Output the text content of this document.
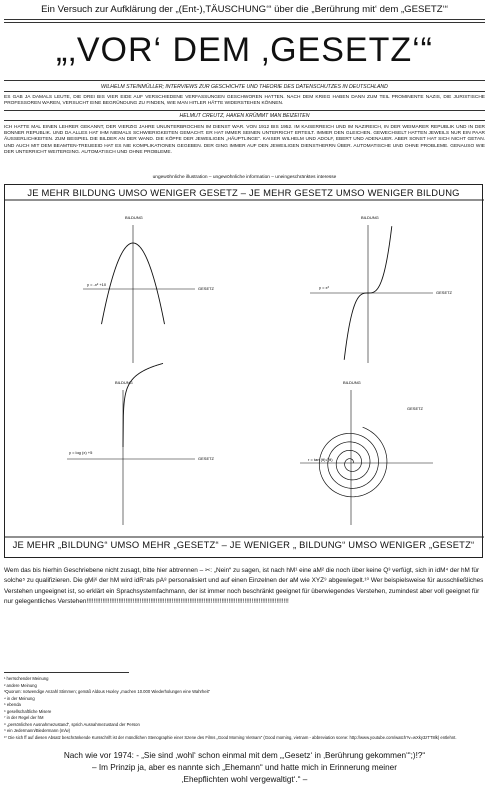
Ein Versuch zur Aufklärung der „(Ent-),TÄUSCHUNG‘“ über die „Berührung mit‘ dem „GESETZ‘“
„‚VOR‘ DEM ‚GESETZ‘“
WILHELM STEINMÜLLER; INTERVIEWS ZUR GESCHICHTE UND THEORIE DES DATENSCHUTZES IN DEUTSCHLAND
ES GAB JA DAMALS LEUTE, DIE DREI BIS VIER EIDE AUF VERSCHIEDENE VERFASSUNGEN GESCHWOREN HATTEN. NACH DEM KRIEG HABEN DANN ZUM TEIL PROMINENTE NAZIS, DIE JURISTISCHE PROFESSOREN WAREN, VERSUCHT EINE BEGRÜNDUNG ZU FINDEN, WIE MAN HITLER HÄTTE WIDERSTEHEN KÖNNEN.
HELMUT CREUTZ, HAKEN KRÜMMT MAN BEIZEITEN
ICH HATTE MAL EINEN LEHRER GEKANNT, DER VIERZIG JAHRE UNUNTERBROCHEN IM DIENST WAR. VON 1912 BIS 1952. IM KAISERREICH UND IM NAZIREICH, IN DER WEIMARER REPUBLIK UND IN DER BONNER REPUBLIK. UND DA ALLES HAT IHM NIEMALS SCHWIERIGKEITEN GEMACHT. ER HAT IMMER SEINEN UNTERRICHT ERTEILT. IMMER DEN GLEICHEN. GEWECHSELT HATTEN JEWEILS NUR EIN PAAR ÄUSSERLICHKEITEN. ZUM BEISPIEL DIE BILDER AN DER WAND. DIE KÖPFE DER JEWEILIGEN „HÄUPTLINGE“. KAISER WILHELM UND ADOLF, EBERT UND ADENAUER. ABER SONST HAT SICH NICHT GETAN. UND AUCH MIT DEM BEAMTEN-TREUEEID HAT ES NIE KOMPLIKATIONEN GEGEBEN. DER GING IMMER AUF DEN JEWEILIGEN DIENSTHERRN ÜBER. AUTOMATISCHE UND OHNE PROBLEME. GENAUSO WIE DER UNTERRICHT WEITERGING. AUTOMATISCH UND OHNE PROBLEME.
ungewöhnliche illustration – ungewöhnliche information – uneingeschränktes interesse
JE MEHR BILDUNG UMSO WENIGER GESETZ – JE MEHR GESETZ UMSO WENIGER BILDUNG
JE MEHR „BILDUNG“ UMSO MEHR „GESETZ“ – JE WENIGER „ BILDUNG“ UMSO WENIGER „GESETZ“
BILDUNG
GESETZ
y = -x² +10
BILDUNG
GESETZ
y = x³
BILDUNG
GESETZ
y = log (x) +5
BILDUNG
GESETZ
r = tan (θ)√(θ)
Wem das bis hierhin Geschriebene nicht zusagt, bitte hier abtrennen – ✂: „Nein“ zu sagen, ist nach hM¹ eine aM² die noch über keine Q³ verfügt, sich in idM⁴ der hM für solche⁵ zu qualifizieren. Die gMi⁶ der hM wird idR⁷als pA⁸ personalisiert und auf einen Einzelnen der aM wie XYZ⁹ abgewiegelt.¹⁰ Wer beispielsweise für ausschließliches Verstehen ungeeignet ist, so erklärt ein Sprachsystemfachmann, der ist immer noch beschränkt geeignet für überwiegendes Verstehen, zumindest aber voll geeignet für nur gelegentliches Verstehen!!!!!!!!!!!!!!!!!!!!!!!!!!!!!!!!!!!!!!!!!!!!!!!!!!!!!!!!!!!!!!!!!!!!!!!!!!!!!!!!!!!!!!!!!!!!!!!!!!!!!!!!!!!!!!!!!!
¹ herrschender Meinung
² andere Meinung
³Quorum: notwendige Anzahl Stimmen; gemäß Aldous Huxley „machen 10.000 Wiederholungen eine Wahrheit“
⁴ in der Meinung
⁵ ebenda
⁶ gesellschaftliche Misere
⁷ in der Regel der hM
⁸ „persönlichen Ausnahmezustand“, sprich Ausnahmezustand der Person
⁹ ein Jedermann/Biedermann (m/w)
¹⁰ Die sich ff auf diesen Absatz beschränkende Kursschrift ist der mündlichen Stenographie einer Szene des Films „Good Morning Vietnam“ (Good morning, vietnam - abbreviation scene: http://www.youtube.com/watch?v=wXky3zTT8lk) entlehnt.
Nach wie vor 1974: - „Sie sind ‚wohl‘ schon einmal mit dem „‚Gesetz‘ in ‚Berührung gekommen‘“;)!?“
– Im Prinzip ja, aber es nannte sich „Ehemann“ und hatte mich in Erinnerung meiner
‚Ehepflichten wohl vergewaltigt‘.“ –
